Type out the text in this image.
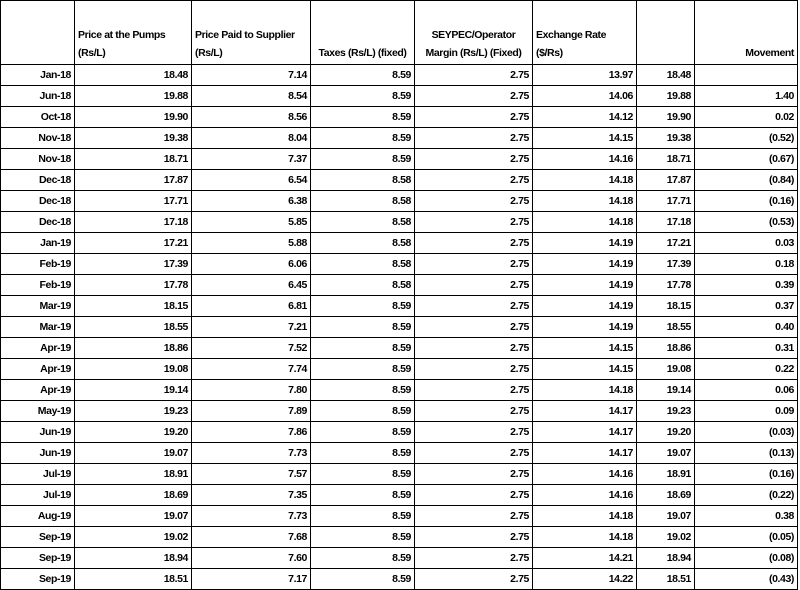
	Price at the Pumps (Rs/L)	Price Paid to Supplier (Rs/L)	Taxes (Rs/L) (fixed)	SEYPEC/Operator Margin (Rs/L) (Fixed)	Exchange Rate ($/Rs)		Movement
Jan-18	18.48	7.14	8.59	2.75	13.97	18.48	
Jun-18	19.88	8.54	8.59	2.75	14.06	19.88	1.40
Oct-18	19.90	8.56	8.59	2.75	14.12	19.90	0.02
Nov-18	19.38	8.04	8.59	2.75	14.15	19.38	(0.52)
Nov-18	18.71	7.37	8.59	2.75	14.16	18.71	(0.67)
Dec-18	17.87	6.54	8.58	2.75	14.18	17.87	(0.84)
Dec-18	17.71	6.38	8.58	2.75	14.18	17.71	(0.16)
Dec-18	17.18	5.85	8.58	2.75	14.18	17.18	(0.53)
Jan-19	17.21	5.88	8.58	2.75	14.19	17.21	0.03
Feb-19	17.39	6.06	8.58	2.75	14.19	17.39	0.18
Feb-19	17.78	6.45	8.58	2.75	14.19	17.78	0.39
Mar-19	18.15	6.81	8.59	2.75	14.19	18.15	0.37
Mar-19	18.55	7.21	8.59	2.75	14.19	18.55	0.40
Apr-19	18.86	7.52	8.59	2.75	14.15	18.86	0.31
Apr-19	19.08	7.74	8.59	2.75	14.15	19.08	0.22
Apr-19	19.14	7.80	8.59	2.75	14.18	19.14	0.06
May-19	19.23	7.89	8.59	2.75	14.17	19.23	0.09
Jun-19	19.20	7.86	8.59	2.75	14.17	19.20	(0.03)
Jun-19	19.07	7.73	8.59	2.75	14.17	19.07	(0.13)
Jul-19	18.91	7.57	8.59	2.75	14.16	18.91	(0.16)
Jul-19	18.69	7.35	8.59	2.75	14.16	18.69	(0.22)
Aug-19	19.07	7.73	8.59	2.75	14.18	19.07	0.38
Sep-19	19.02	7.68	8.59	2.75	14.18	19.02	(0.05)
Sep-19	18.94	7.60	8.59	2.75	14.21	18.94	(0.08)
Sep-19	18.51	7.17	8.59	2.75	14.22	18.51	(0.43)
